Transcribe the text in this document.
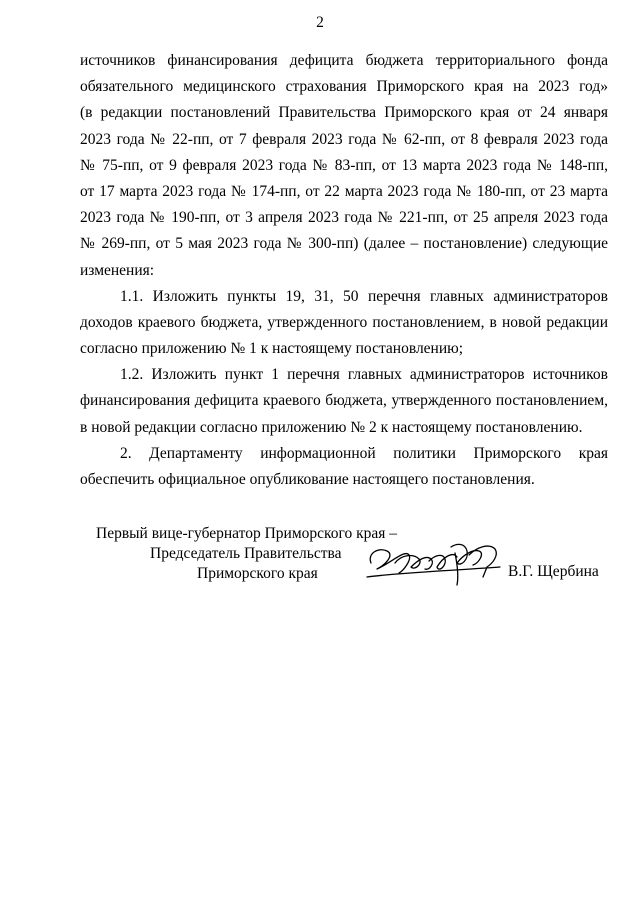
2
источников финансирования дефицита бюджета территориального фонда
обязательного медицинского страхования Приморского края на 2023 год»
(в редакции постановлений Правительства Приморского края от 24 января
2023 года № 22-пп, от 7 февраля 2023 года № 62-пп, от 8 февраля 2023 года
№ 75-пп, от 9 февраля 2023 года № 83-пп, от 13 марта 2023 года № 148-пп,
от 17 марта 2023 года № 174-пп, от 22 марта 2023 года № 180-пп, от 23 марта
2023 года № 190-пп, от 3 апреля 2023 года № 221-пп, от 25 апреля 2023 года
№ 269-пп, от 5 мая 2023 года № 300-пп) (далее – постановление) следующие
изменения:
1.1. Изложить пункты 19, 31, 50 перечня главных администраторов
доходов краевого бюджета, утвержденного постановлением, в новой редакции
согласно приложению № 1 к настоящему постановлению;
1.2. Изложить пункт 1 перечня главных администраторов источников
финансирования дефицита краевого бюджета, утвержденного постановлением,
в новой редакции согласно приложению № 2 к настоящему постановлению.
2. Департаменту информационной политики Приморского края
обеспечить официальное опубликование настоящего постановления.
Первый вице-губернатор Приморского края –
Председатель Правительства
Приморского края	В.Г. Щербина
